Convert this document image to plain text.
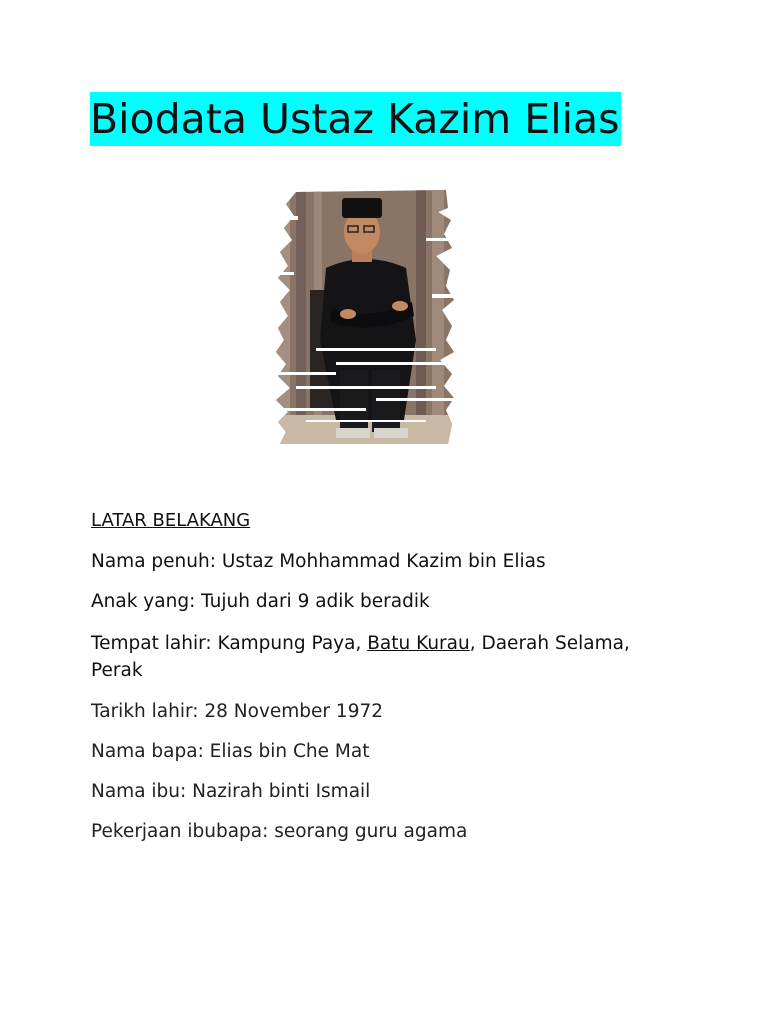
Biodata Ustaz Kazim Elias
LATAR BELAKANG
Nama penuh: Ustaz Mohhammad Kazim bin Elias
Anak yang: Tujuh dari 9 adik beradik
Tempat lahir: Kampung Paya, Batu Kurau, Daerah Selama, Perak
Tarikh lahir: 28 November 1972
Nama bapa: Elias bin Che Mat
Nama ibu: Nazirah binti Ismail
Pekerjaan ibubapa: seorang guru agama
